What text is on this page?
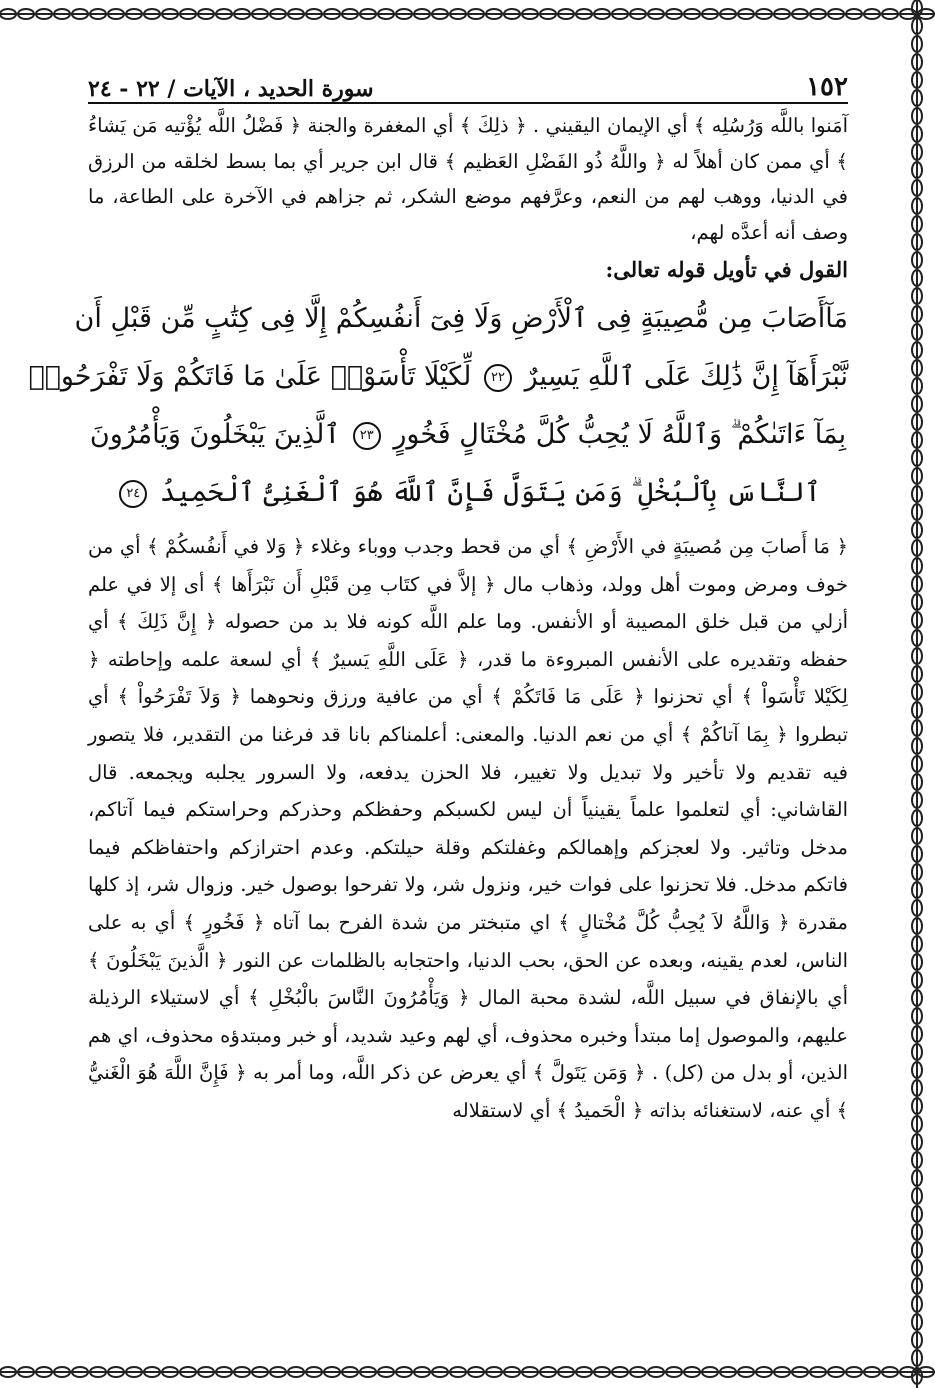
١٥٢
سورة الحديد ، الآيات / ٢٢ - ٢٤

آمَنوا باللَّه وَرُسُلِه ﴾ أي الإيمان اليقيني . ﴿ ذلِكَ ﴾ أي المغفرة والجنة ﴿ فَضْلُ اللَّه يُؤْتيه مَن يَشاءُ ﴾ أي ممن كان أهلاً له ﴿ واللَّهُ ذُو الفَضْلِ العَظيم ﴾ قال ابن جرير أي بما بسط لخلقه من الرزق في الدنيا، ووهب لهم من النعم، وعرَّفهم موضع الشكر، ثم جزاهم في الآخرة على الطاعة، ما وصف أنه أعدَّه لهم،

القول في تأويل قوله تعالى:

مَآأَصَابَ مِن مُّصِيبَةٍ فِى ٱلْأَرْضِ وَلَا فِىٓ أَنفُسِكُمْ إِلَّا فِى كِتَٰبٍ مِّن قَبْلِ أَن
نَّبْرَأَهَآ إِنَّ ذَٰلِكَ عَلَى ٱللَّهِ يَسِيرٌ ٢٢ لِّكَيْلَا تَأْسَوْا۟ عَلَىٰ مَا فَاتَكُمْ وَلَا تَفْرَحُوا۟
بِمَآ ءَاتَىٰكُمْ ۗ وَٱللَّهُ لَا يُحِبُّ كُلَّ مُخْتَالٍ فَخُورٍ ٢٣ ٱلَّذِينَ يَبْخَلُونَ وَيَأْمُرُونَ
ٱلنَّاسَ بِٱلْبُخْلِ ۗ وَمَن يَتَوَلَّ فَإِنَّ ٱللَّهَ هُوَ ٱلْغَنِىُّ ٱلْحَمِيدُ ٢٤

﴿ مَا أَصابَ مِن مُصيبَةٍ في الأَرْضِ ﴾ أي من قحط وجدب ووباء وغلاء ﴿ وَلا في أَنفُسكُمْ ﴾ أي من خوف ومرض وموت أهل وولد، وذهاب مال ﴿ إلاَّ في كتَاب مِن قَبْلِ أَن نَبْرَأَها ﴾ أى إلا في علم أزلي من قبل خلق المصيبة أو الأنفس. وما علم اللَّه كونه فلا بد من حصوله ﴿ إِنَّ ذَلِكَ ﴾ أي حفظه وتقديره على الأنفس المبروءة ما قدر، ﴿ عَلَى اللَّهِ يَسيرٌ ﴾ أي لسعة علمه وإحاطته ﴿ لِكَيْلا تَأْسَواْ ﴾ أي تحزنوا ﴿ عَلَى مَا فَاتَكُمْ ﴾ أي من عافية ورزق ونحوهما ﴿ وَلاَ تَفْرَحُواْ ﴾ أي تبطروا ﴿ بِمَا آتاكُمْ ﴾ أي من نعم الدنيا. والمعنى: أعلمناكم بانا قد فرغنا من التقدير، فلا يتصور فيه تقديم ولا تأخير ولا تبديل ولا تغيير، فلا الحزن يدفعه، ولا السرور يجلبه ويجمعه. قال القاشاني: أي لتعلموا علماً يقينياً أن ليس لكسبكم وحفظكم وحذركم وحراستكم فيما آتاكم، مدخل وتاثير. ولا لعجزكم وإهمالكم وغفلتكم وقلة حيلتكم. وعدم احترازكم واحتفاظكم فيما فاتكم مدخل. فلا تحزنوا على فوات خير، ونزول شر، ولا تفرحوا بوصول خير. وزوال شر، إذ كلها مقدرة ﴿ وَاللَّهُ لاَ يُحِبُّ كُلَّ مُخْتالٍ ﴾ اي متبختر من شدة الفرح بما آتاه ﴿ فَخُورٍ ﴾ أي به على الناس، لعدم يقينه، وبعده عن الحق، بحب الدنيا، واحتجابه بالظلمات عن النور ﴿ الَّذينَ يَبْخَلُونَ ﴾ أي بالإنفاق في سبيل اللَّه، لشدة محبة المال ﴿ وَيَأْمُرُونَ النَّاسَ بالْبُخْلِ ﴾ أي لاستيلاء الرذيلة عليهم، والموصول إما مبتدأ وخبره محذوف، أي لهم وعيد شديد، أو خبر ومبتدؤه محذوف، اي هم الذين، أو بدل من (كل) . ﴿ وَمَن يَتَولَّ ﴾ أي يعرض عن ذكر اللَّه، وما أمر به ﴿ فَإِنَّ اللَّهَ هُوَ الْغَنيُّ ﴾ أي عنه، لاستغنائه بذاته ﴿ الْحَميدُ ﴾ أي لاستقلاله
